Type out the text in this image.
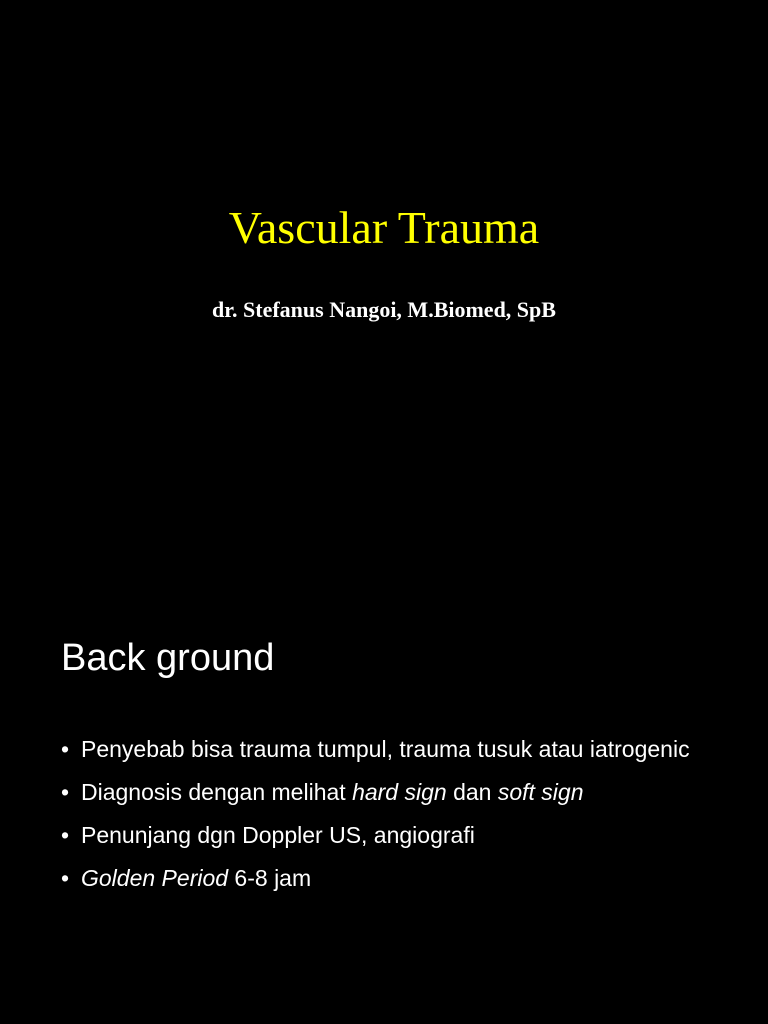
Vascular Trauma
dr. Stefanus Nangoi, M.Biomed, SpB
Back ground
• Penyebab bisa trauma tumpul, trauma tusuk atau iatrogenic
• Diagnosis dengan melihat hard sign dan soft sign
• Penunjang dgn Doppler US, angiografi
• Golden Period 6-8 jam
